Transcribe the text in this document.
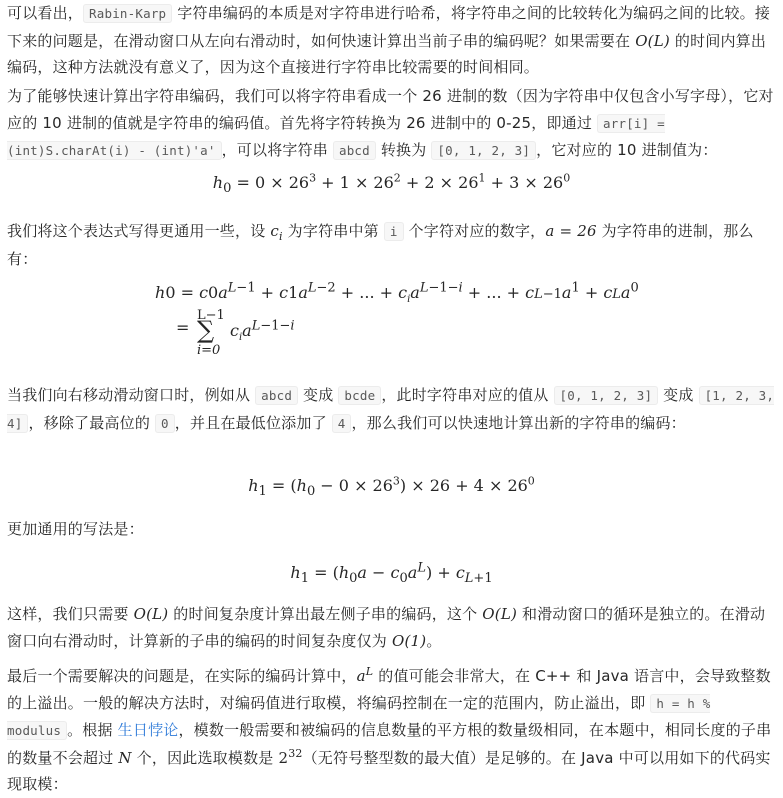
可以看出， Rabin-Karp 字符串编码的本质是对字符串进行哈希，将字符串之间的比较转化为编码之间的比较。接下来的问题是，在滑动窗口从左向右滑动时，如何快速计算出当前子串的编码呢？如果需要在 O(L) 的时间内算出编码，这种方法就没有意义了，因为这个直接进行字符串比较需要的时间相同。

为了能够快速计算出字符串编码，我们可以将字符串看成一个 26 进制的数（因为字符串中仅包含小写字母），它对应的 10 进制的值就是字符串的编码值。首先将字符转换为 26 进制中的 0-25，即通过 arr[i] = (int)S.charAt(i) - (int)'a' ，可以将字符串 abcd 转换为 [0, 1, 2, 3] ，它对应的 10 进制值为：

$h_0 = 0 \times 26^3 + 1 \times 26^2 + 2 \times 26^1 + 3 \times 26^0$

我们将这个表达式写得更通用一些，设 $c_i$ 为字符串中第 i 个字符对应的数字，a = 26 为字符串的进制，那么有：

$h0 = c0a^{L-1} + c1a^{L-2}$ + ... + $c_ia^{L-1-i}$ + ... + $cL-1a^1 + cLa^0$
L−1
= ∑
i=0
$c_ia^{L-1-i}$

当我们向右移动滑动窗口时，例如从 abcd 变成 bcde ，此时字符串对应的值从 [0, 1, 2, 3] 变成 [1, 2, 3, 4] ，移除了最高位的 0 ，并且在最低位添加了 4 ，那么我们可以快速地计算出新的字符串的编码：

$h_1 = (h_0 - 0 \times 26^3) \times 26 + 4 \times 26^0$

更加通用的写法是：

$h_1 = (h_0a - c_0a^L) + c_{L+1}$

这样，我们只需要 O(L) 的时间复杂度计算出最左侧子串的编码，这个 O(L) 和滑动窗口的循环是独立的。在滑动窗口向右滑动时，计算新的子串的编码的时间复杂度仅为 O(1)。

最后一个需要解决的问题是，在实际的编码计算中，$a^L$ 的值可能会非常大，在 C++ 和 Java 语言中，会导致整数的上溢出。一般的解决方法时，对编码值进行取模，将编码控制在一定的范围内，防止溢出，即 h = h % modulus 。根据 生日悖论，模数一般需要和被编码的信息数量的平方根的数量级相同，在本题中，相同长度的子串的数量不会超过 N 个，因此选取模数是 $2^{32}$（无符号整型数的最大值）是足够的。在 Java 中可以用如下的代码实现取模：
